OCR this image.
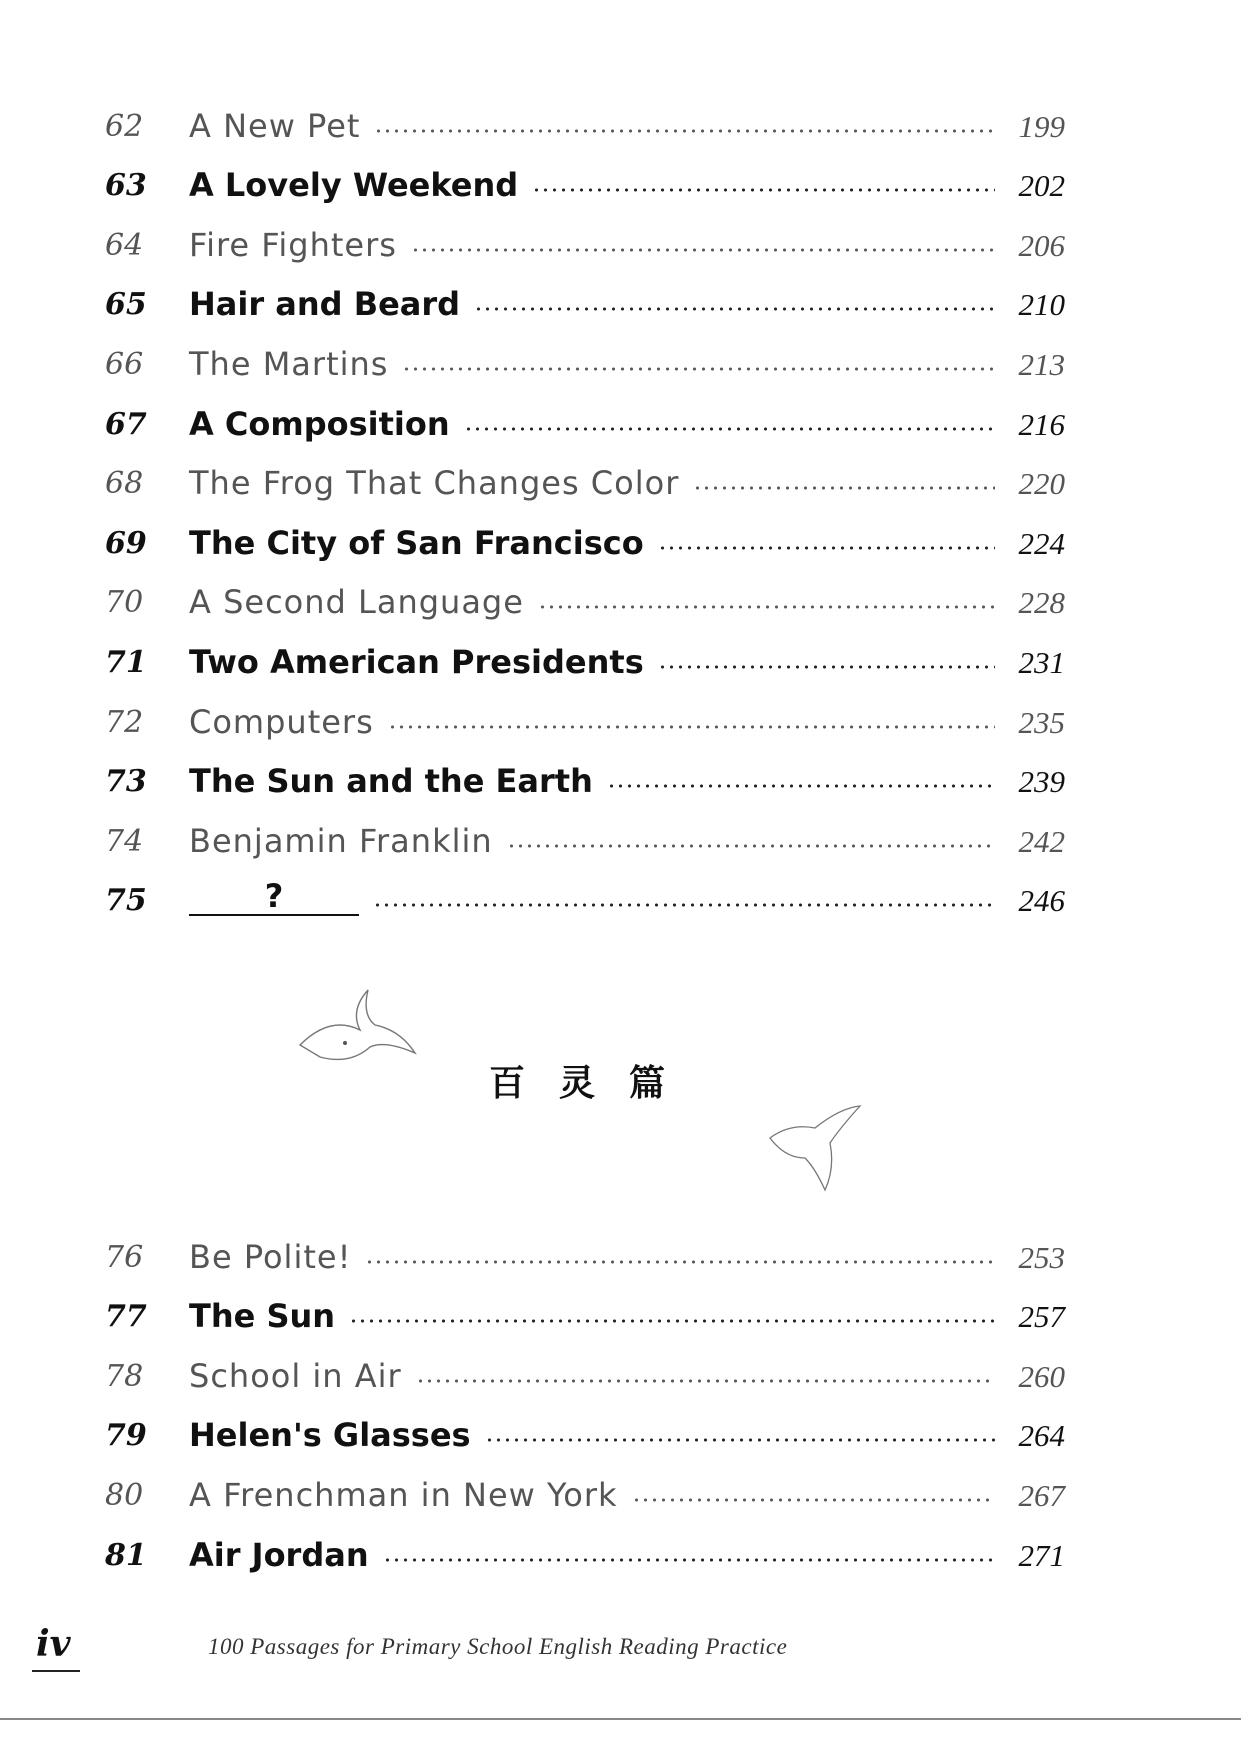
62	A New Pet	199
63	A Lovely Weekend	202
64	Fire Fighters	206
65	Hair and Beard	210
66	The Martins	213
67	A Composition	216
68	The Frog That Changes Color	220
69	The City of San Francisco	224
70	A Second Language	228
71	Two American Presidents	231
72	Computers	235
73	The Sun and the Earth	239
74	Benjamin Franklin	242
75	?	246
百灵篇
76	Be Polite!	253
77	The Sun	257
78	School in Air	260
79	Helen's Glasses	264
80	A Frenchman in New York	267
81	Air Jordan	271
iv	100 Passages for Primary School English Reading Practice
